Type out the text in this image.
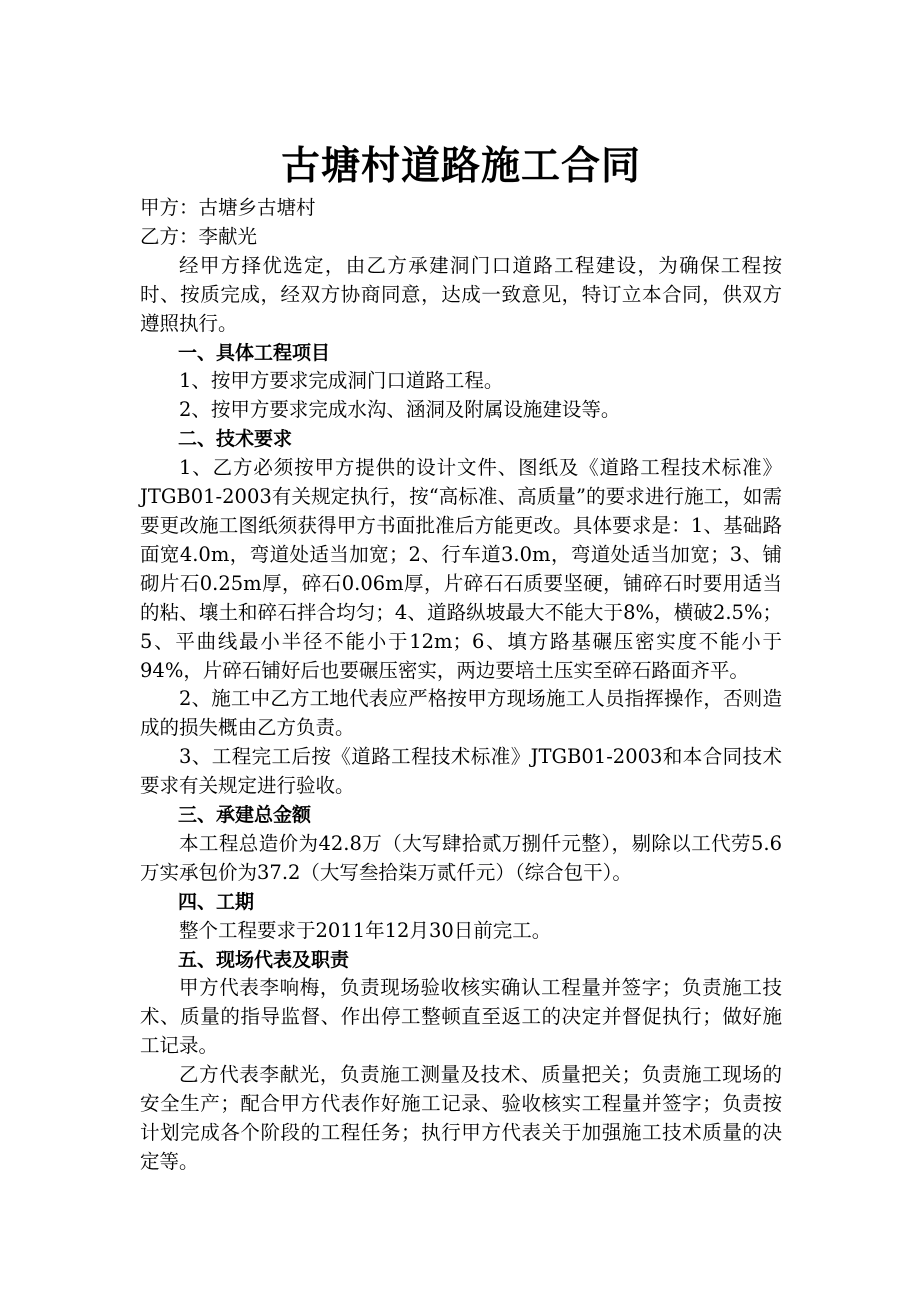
古塘村道路施工合同

甲方：古塘乡古塘村

乙方：李献光

经甲方择优选定，由乙方承建洞门口道路工程建设，为确保工程按时、按质完成，经双方协商同意，达成一致意见，特订立本合同，供双方遵照执行。

一、具体工程项目

1、按甲方要求完成洞门口道路工程。

2、按甲方要求完成水沟、涵洞及附属设施建设等。

二、技术要求

1、乙方必须按甲方提供的设计文件、图纸及《道路工程技术标准》JTGB01-2003有关规定执行，按“高标准、高质量”的要求进行施工，如需要更改施工图纸须获得甲方书面批准后方能更改。具体要求是：1、基础路面宽4.0m，弯道处适当加宽；2、行车道3.0m，弯道处适当加宽；3、铺砌片石0.25m厚，碎石0.06m厚，片碎石石质要坚硬，铺碎石时要用适当的粘、壤土和碎石拌合均匀；4、道路纵坡最大不能大于8%，横破2.5%；5、平曲线最小半径不能小于12m；6、填方路基碾压密实度不能小于94%，片碎石铺好后也要碾压密实，两边要培土压实至碎石路面齐平。

2、施工中乙方工地代表应严格按甲方现场施工人员指挥操作，否则造成的损失概由乙方负责。

3、工程完工后按《道路工程技术标准》JTGB01-2003和本合同技术要求有关规定进行验收。

三、承建总金额

本工程总造价为42.8万（大写肆拾贰万捌仟元整），剔除以工代劳5.6万实承包价为37.2（大写叁拾柒万贰仟元）（综合包干）。

四、工期

整个工程要求于2011年12月30日前完工。

五、现场代表及职责

甲方代表李响梅，负责现场验收核实确认工程量并签字；负责施工技术、质量的指导监督、作出停工整顿直至返工的决定并督促执行；做好施工记录。

乙方代表李献光，负责施工测量及技术、质量把关；负责施工现场的安全生产；配合甲方代表作好施工记录、验收核实工程量并签字；负责按计划完成各个阶段的工程任务；执行甲方代表关于加强施工技术质量的决定等。
